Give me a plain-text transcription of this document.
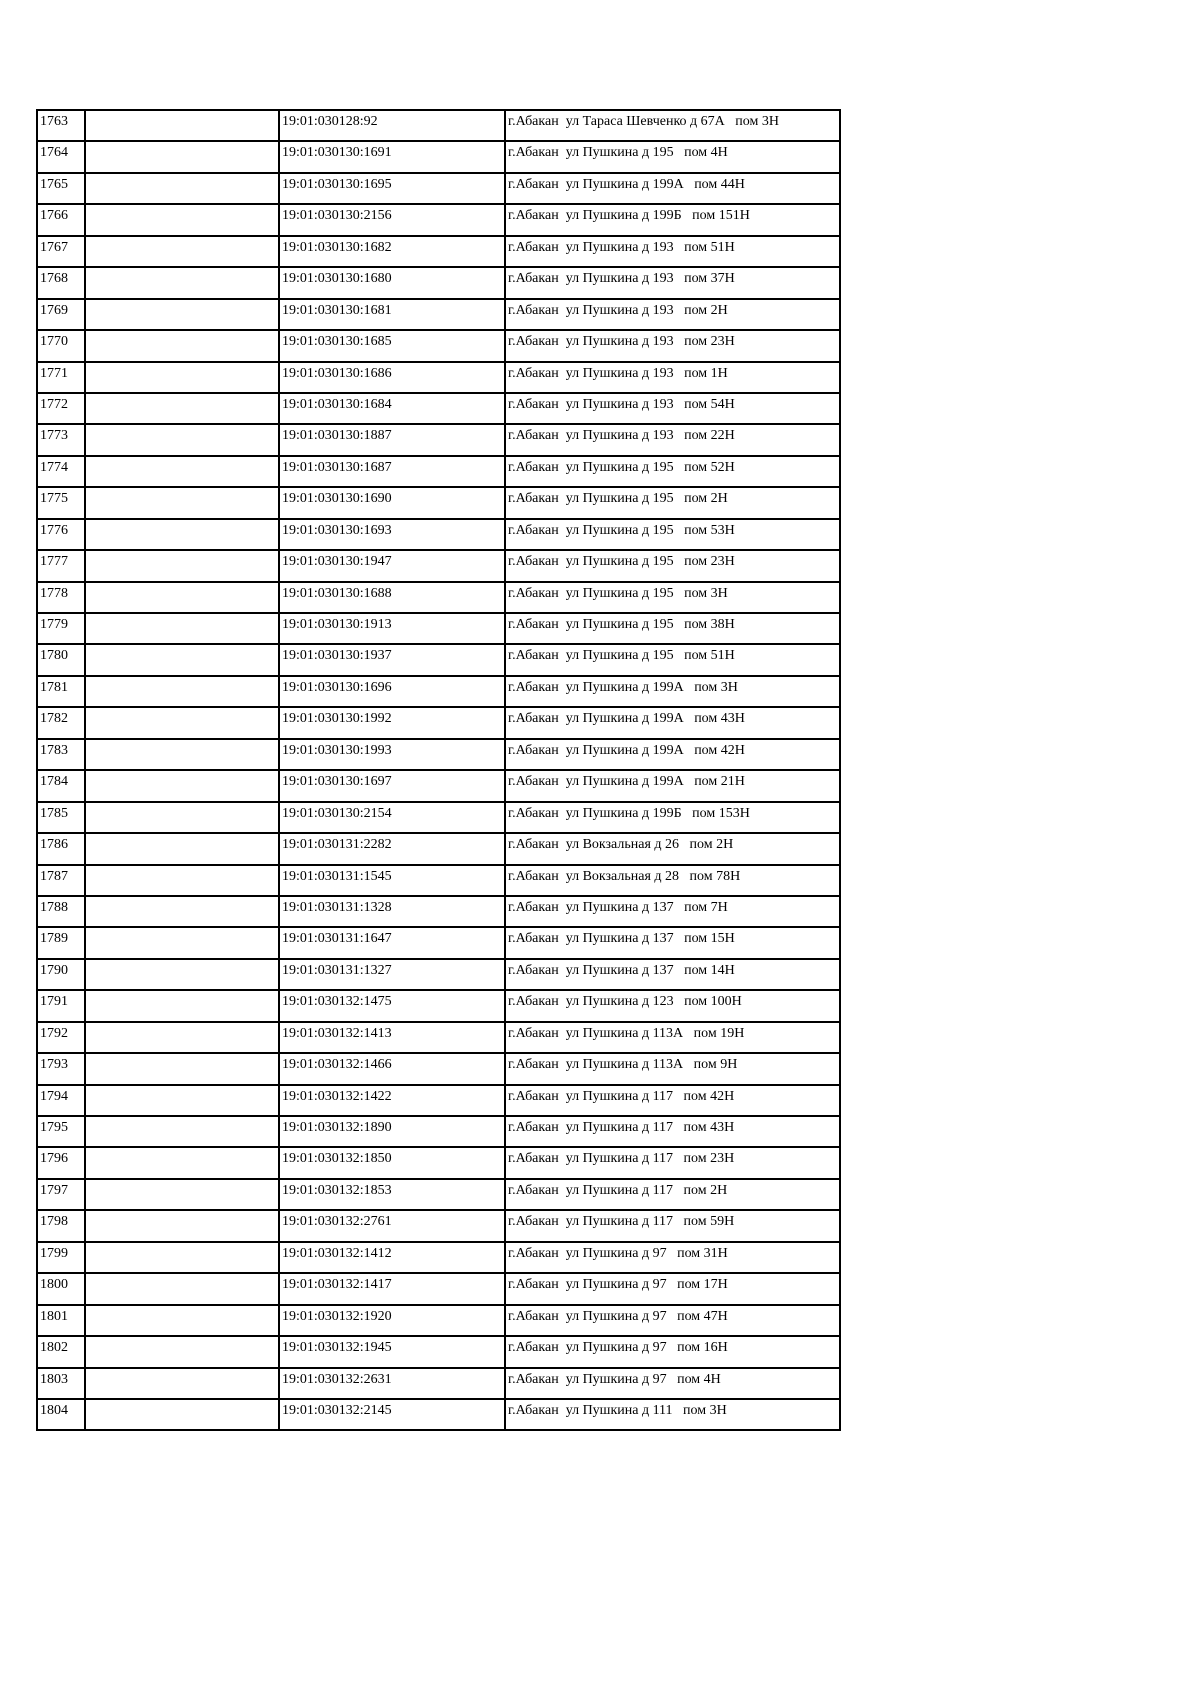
1763		19:01:030128:92	г.Абакан  ул Тараса Шевченко д 67А   пом 3Н
1764		19:01:030130:1691	г.Абакан  ул Пушкина д 195   пом 4Н
1765		19:01:030130:1695	г.Абакан  ул Пушкина д 199А   пом 44Н
1766		19:01:030130:2156	г.Абакан  ул Пушкина д 199Б   пом 151Н
1767		19:01:030130:1682	г.Абакан  ул Пушкина д 193   пом 51Н
1768		19:01:030130:1680	г.Абакан  ул Пушкина д 193   пом 37Н
1769		19:01:030130:1681	г.Абакан  ул Пушкина д 193   пом 2Н
1770		19:01:030130:1685	г.Абакан  ул Пушкина д 193   пом 23Н
1771		19:01:030130:1686	г.Абакан  ул Пушкина д 193   пом 1Н
1772		19:01:030130:1684	г.Абакан  ул Пушкина д 193   пом 54Н
1773		19:01:030130:1887	г.Абакан  ул Пушкина д 193   пом 22Н
1774		19:01:030130:1687	г.Абакан  ул Пушкина д 195   пом 52Н
1775		19:01:030130:1690	г.Абакан  ул Пушкина д 195   пом 2Н
1776		19:01:030130:1693	г.Абакан  ул Пушкина д 195   пом 53Н
1777		19:01:030130:1947	г.Абакан  ул Пушкина д 195   пом 23Н
1778		19:01:030130:1688	г.Абакан  ул Пушкина д 195   пом 3Н
1779		19:01:030130:1913	г.Абакан  ул Пушкина д 195   пом 38Н
1780		19:01:030130:1937	г.Абакан  ул Пушкина д 195   пом 51Н
1781		19:01:030130:1696	г.Абакан  ул Пушкина д 199А   пом 3Н
1782		19:01:030130:1992	г.Абакан  ул Пушкина д 199А   пом 43Н
1783		19:01:030130:1993	г.Абакан  ул Пушкина д 199А   пом 42Н
1784		19:01:030130:1697	г.Абакан  ул Пушкина д 199А   пом 21Н
1785		19:01:030130:2154	г.Абакан  ул Пушкина д 199Б   пом 153Н
1786		19:01:030131:2282	г.Абакан  ул Вокзальная д 26   пом 2Н
1787		19:01:030131:1545	г.Абакан  ул Вокзальная д 28   пом 78Н
1788		19:01:030131:1328	г.Абакан  ул Пушкина д 137   пом 7Н
1789		19:01:030131:1647	г.Абакан  ул Пушкина д 137   пом 15Н
1790		19:01:030131:1327	г.Абакан  ул Пушкина д 137   пом 14Н
1791		19:01:030132:1475	г.Абакан  ул Пушкина д 123   пом 100Н
1792		19:01:030132:1413	г.Абакан  ул Пушкина д 113А   пом 19Н
1793		19:01:030132:1466	г.Абакан  ул Пушкина д 113А   пом 9Н
1794		19:01:030132:1422	г.Абакан  ул Пушкина д 117   пом 42Н
1795		19:01:030132:1890	г.Абакан  ул Пушкина д 117   пом 43Н
1796		19:01:030132:1850	г.Абакан  ул Пушкина д 117   пом 23Н
1797		19:01:030132:1853	г.Абакан  ул Пушкина д 117   пом 2Н
1798		19:01:030132:2761	г.Абакан  ул Пушкина д 117   пом 59Н
1799		19:01:030132:1412	г.Абакан  ул Пушкина д 97   пом 31Н
1800		19:01:030132:1417	г.Абакан  ул Пушкина д 97   пом 17Н
1801		19:01:030132:1920	г.Абакан  ул Пушкина д 97   пом 47Н
1802		19:01:030132:1945	г.Абакан  ул Пушкина д 97   пом 16Н
1803		19:01:030132:2631	г.Абакан  ул Пушкина д 97   пом 4Н
1804		19:01:030132:2145	г.Абакан  ул Пушкина д 111   пом 3Н
